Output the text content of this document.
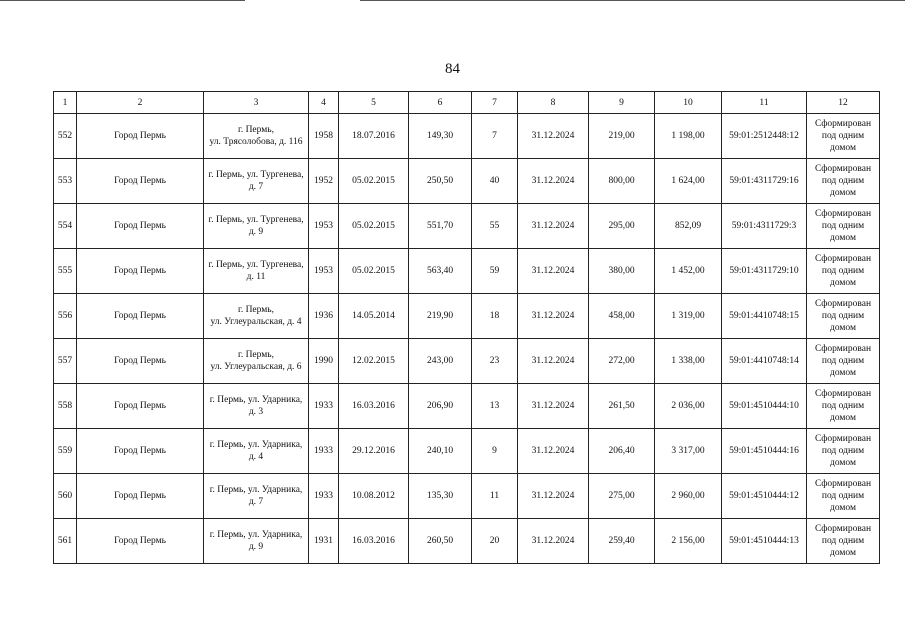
84
1	2	3	4	5	6	7	8	9	10	11	12
552	Город Пермь	г. Пермь,
ул. Трясолобова, д. 116	1958	18.07.2016	149,30	7	31.12.2024	219,00	1 198,00	59:01:2512448:12	Сформирован
под одним
домом
553	Город Пермь	г. Пермь, ул. Тургенева,
д. 7	1952	05.02.2015	250,50	40	31.12.2024	800,00	1 624,00	59:01:4311729:16	Сформирован
под одним
домом
554	Город Пермь	г. Пермь, ул. Тургенева,
д. 9	1953	05.02.2015	551,70	55	31.12.2024	295,00	852,09	59:01:4311729:3	Сформирован
под одним
домом
555	Город Пермь	г. Пермь, ул. Тургенева,
д. 11	1953	05.02.2015	563,40	59	31.12.2024	380,00	1 452,00	59:01:4311729:10	Сформирован
под одним
домом
556	Город Пермь	г. Пермь,
ул. Углеуральская, д. 4	1936	14.05.2014	219,90	18	31.12.2024	458,00	1 319,00	59:01:4410748:15	Сформирован
под одним
домом
557	Город Пермь	г. Пермь,
ул. Углеуральская, д. 6	1990	12.02.2015	243,00	23	31.12.2024	272,00	1 338,00	59:01:4410748:14	Сформирован
под одним
домом
558	Город Пермь	г. Пермь, ул. Ударника,
д. 3	1933	16.03.2016	206,90	13	31.12.2024	261,50	2 036,00	59:01:4510444:10	Сформирован
под одним
домом
559	Город Пермь	г. Пермь, ул. Ударника,
д. 4	1933	29.12.2016	240,10	9	31.12.2024	206,40	3 317,00	59:01:4510444:16	Сформирован
под одним
домом
560	Город Пермь	г. Пермь, ул. Ударника,
д. 7	1933	10.08.2012	135,30	11	31.12.2024	275,00	2 960,00	59:01:4510444:12	Сформирован
под одним
домом
561	Город Пермь	г. Пермь, ул. Ударника,
д. 9	1931	16.03.2016	260,50	20	31.12.2024	259,40	2 156,00	59:01:4510444:13	Сформирован
под одним
домом
